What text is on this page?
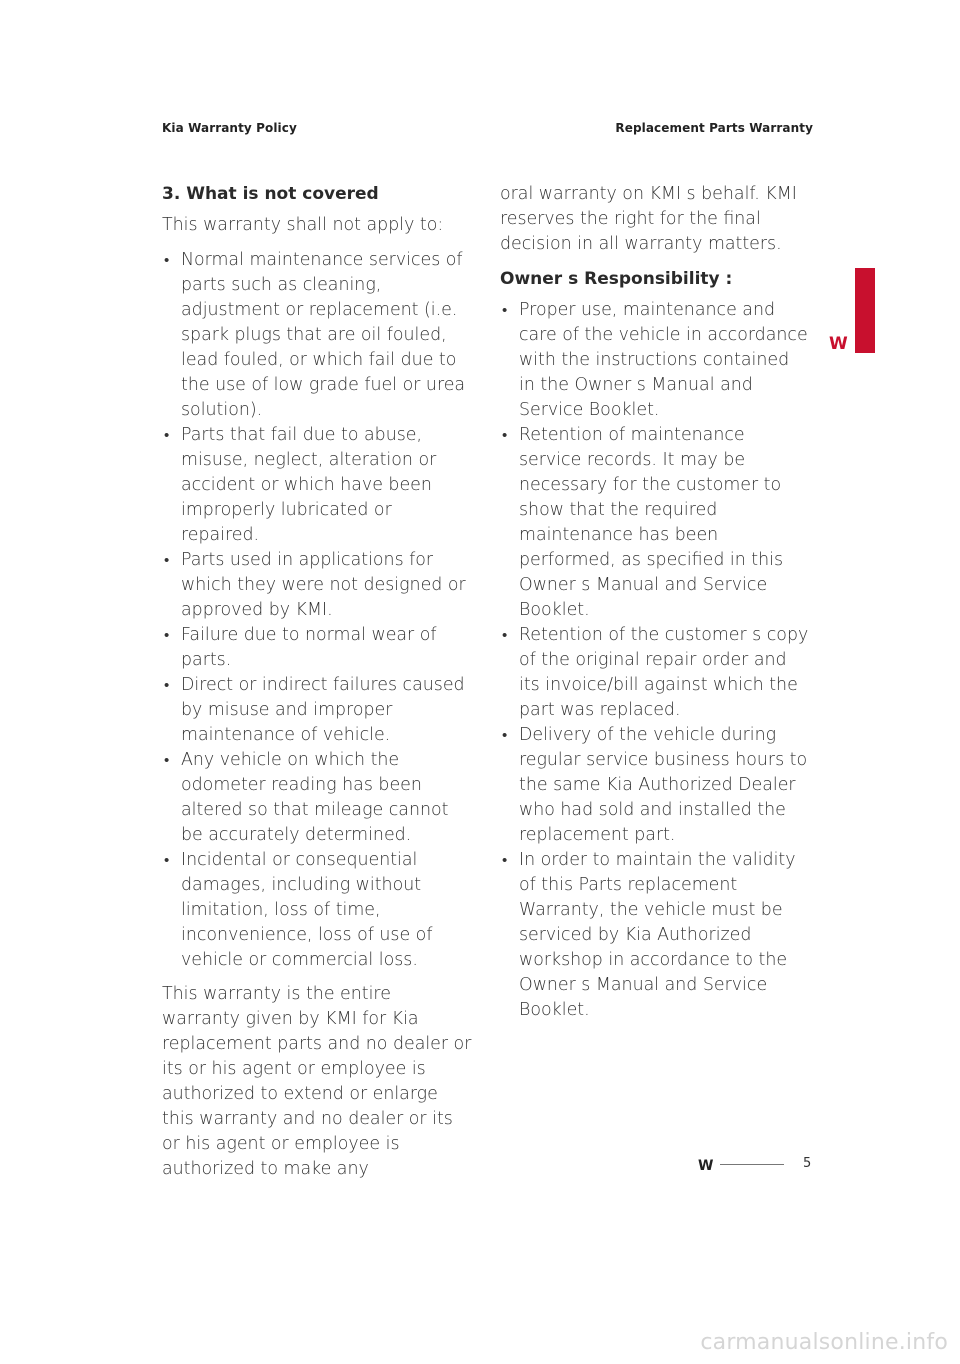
Kia Warranty Policy	Replacement Parts Warranty
W
3. What is not covered

This warranty shall not apply to:

• Normal maintenance services of parts such as cleaning, adjustment or replacement (i.e. spark plugs that are oil fouled, lead fouled, or which fail due to the use of low grade fuel or urea solution).
• Parts that fail due to abuse, misuse, neglect, alteration or accident or which have been improperly lubricated or repaired.
• Parts used in applications for which they were not designed or approved by KMI.
• Failure due to normal wear of parts.
• Direct or indirect failures caused by misuse and improper maintenance of vehicle.
• Any vehicle on which the odometer reading has been altered so that mileage cannot be accurately determined.
• Incidental or consequential damages, including without limitation, loss of time, inconvenience, loss of use of vehicle or commercial loss.

This warranty is the entire warranty given by KMI for Kia replacement parts and no dealer or its or his agent or employee is authorized to extend or enlarge this warranty and no dealer or its or his agent or employee is authorized to make any

oral warranty on KMI s behalf. KMI reserves the right for the final decision in all warranty matters.

Owner s Responsibility :
• Proper use, maintenance and care of the vehicle in accordance with the instructions contained in the Owner s Manual and Service Booklet.
• Retention of maintenance service records. It may be necessary for the customer to show that the required maintenance has been performed, as specified in this Owner s Manual and Service Booklet.
• Retention of the customer s copy of the original repair order and its invoice/bill against which the part was replaced.
• Delivery of the vehicle during regular service business hours to the same Kia Authorized Dealer who had sold and installed the replacement part.
• In order to maintain the validity of this Parts replacement Warranty, the vehicle must be serviced by Kia Authorized workshop in accordance to the Owner s Manual and Service Booklet.
W	5
carmanualsonline.info
